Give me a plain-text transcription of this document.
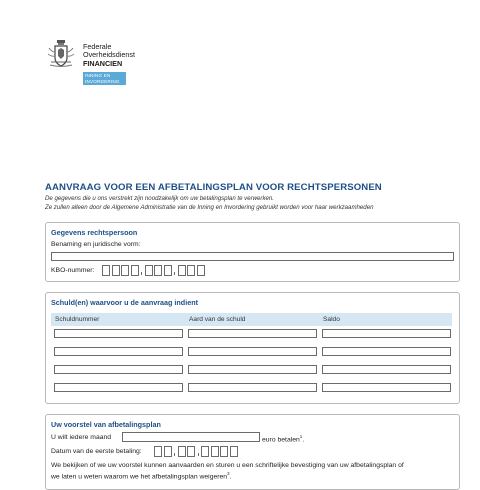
Federale
Overheidsdienst
FINANCIEN
INNING EN
INVORDERING
AANVRAAG VOOR EEN AFBETALINGSPLAN VOOR RECHTSPERSONEN
De gegevens die u ons verstrekt zijn noodzakelijk om uw betalingsplan te verwerken.
Ze zullen alleen door de Algemene Administratie van de Inning en Invordering gebruikt worden voor haar werkzaamheden
Gegevens rechtspersoon
Benaming en juridische vorm:
KBO-nummer:
Schuld(en) waarvoor u de aanvraag indient
Schuldnummer	Aard van de schuld	Saldo
Uw voorstel van afbetalingsplan
U wilt iedere maand	euro betalen$^1$.
Datum van de eerste betaling:
We bekijken of we uw voorstel kunnen aanvaarden en sturen u een schriftelijke bevestiging van uw afbetalingsplan of
we laten u weten waarom we het afbetalingsplan weigeren$^2$.
